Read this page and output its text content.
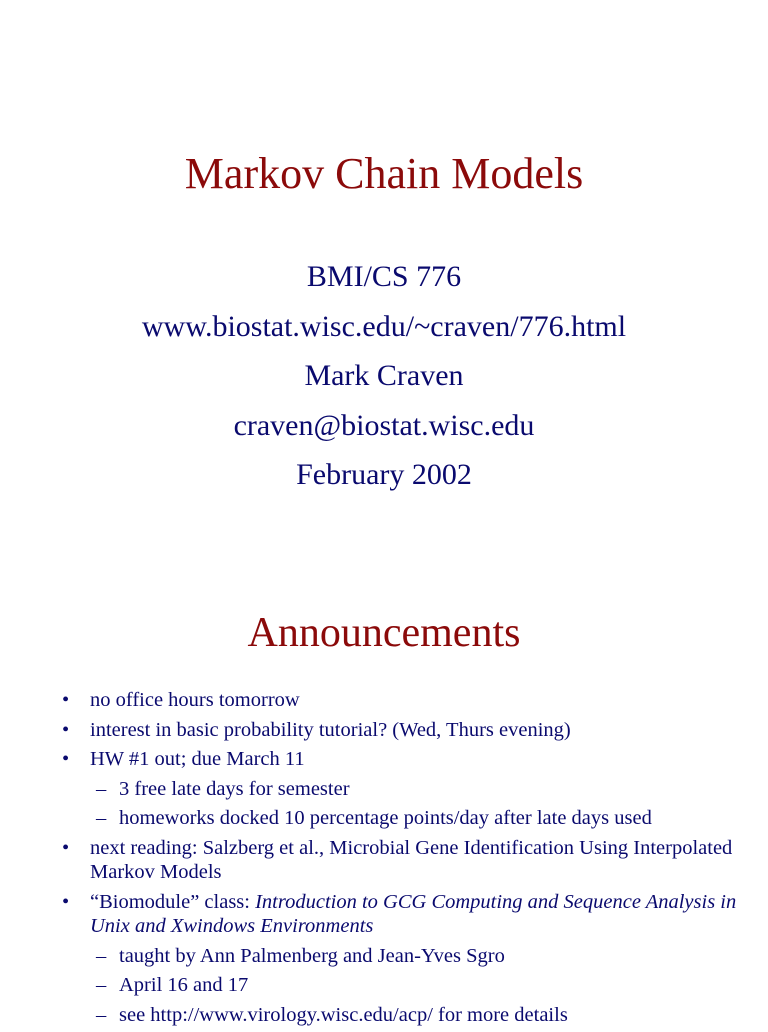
Markov Chain Models
BMI/CS 776
www.biostat.wisc.edu/~craven/776.html
Mark Craven
craven@biostat.wisc.edu
February 2002
Announcements
•	no office hours tomorrow
•	interest in basic probability tutorial? (Wed, Thurs evening)
•	HW #1 out; due March 11
– 3 free late days for semester
– homeworks docked 10 percentage points/day after late days used
•	next reading: Salzberg et al., Microbial Gene Identification Using Interpolated Markov Models
•	“Biomodule” class: Introduction to GCG Computing and Sequence Analysis in Unix and Xwindows Environments
– taught by Ann Palmenberg and Jean-Yves Sgro
– April 16 and 17
– see http://www.virology.wisc.edu/acp/ for more details
